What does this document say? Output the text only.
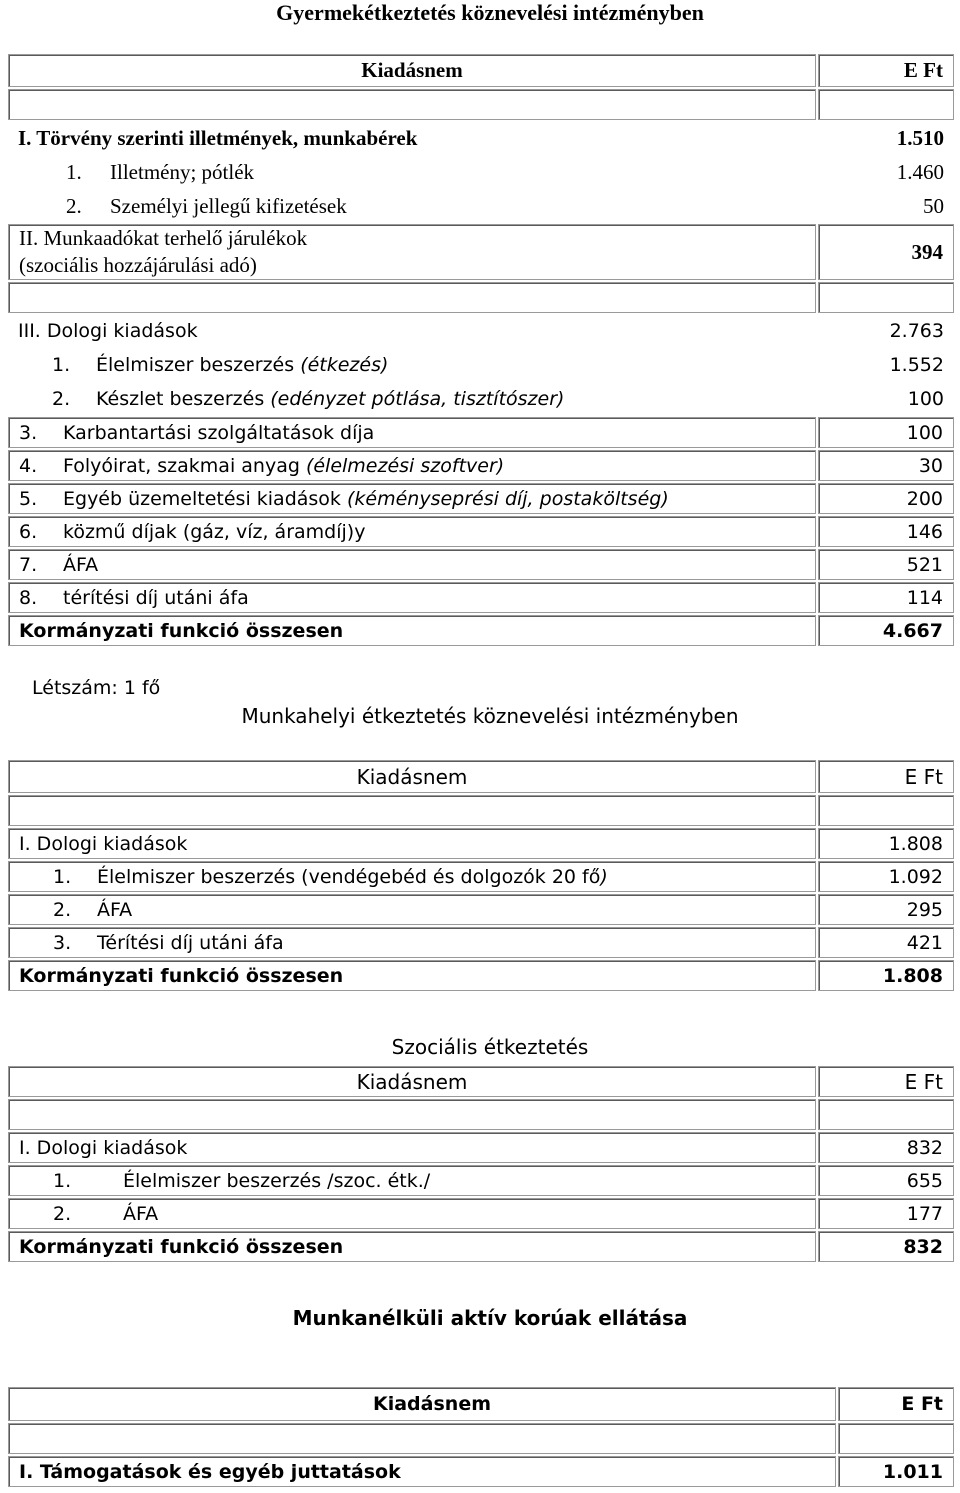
Gyermekétkeztetés köznevelési intézményben
Kiadásnem	E Ft

I. Törvény szerinti illetmények, munkabérek	1.510
1. Illetmény; pótlék	1.460
2. Személyi jellegű kifizetések	50

II. Munkaadókat terhelő járulékok
(szociális hozzájárulási adó)	394

III. Dologi kiadások	2.763
1. Élelmiszer beszerzés (étkezés)	1.552
2. Készlet beszerzés (edényzet pótlása, tisztítószer)	100
3. Karbantartási szolgáltatások díja	100
4. Folyóirat, szakmai anyag (élelmezési szoftver)	30
5. Egyéb üzemeltetési kiadások (kéményseprési díj, postaköltség)	200
6. közmű díjak (gáz, víz, áramdíj)y	146
7. ÁFA	521
8. térítési díj utáni áfa	114
Kormányzati funkció összesen	4.667
Létszám: 1 fő
Munkahelyi étkeztetés köznevelési intézményben
Kiadásnem	E Ft

I. Dologi kiadások	1.808
1. Élelmiszer beszerzés (vendégebéd és dolgozók 20 fő)	1.092
2. ÁFA	295
3. Térítési díj utáni áfa	421
Kormányzati funkció összesen	1.808
Szociális étkeztetés
Kiadásnem	E Ft

I. Dologi kiadások	832
1. Élelmiszer beszerzés /szoc. étk./	655
2. ÁFA	177
Kormányzati funkció összesen	832
Munkanélküli aktív korúak ellátása
Kiadásnem	E Ft

I. Támogatások és egyéb juttatások	1.011
